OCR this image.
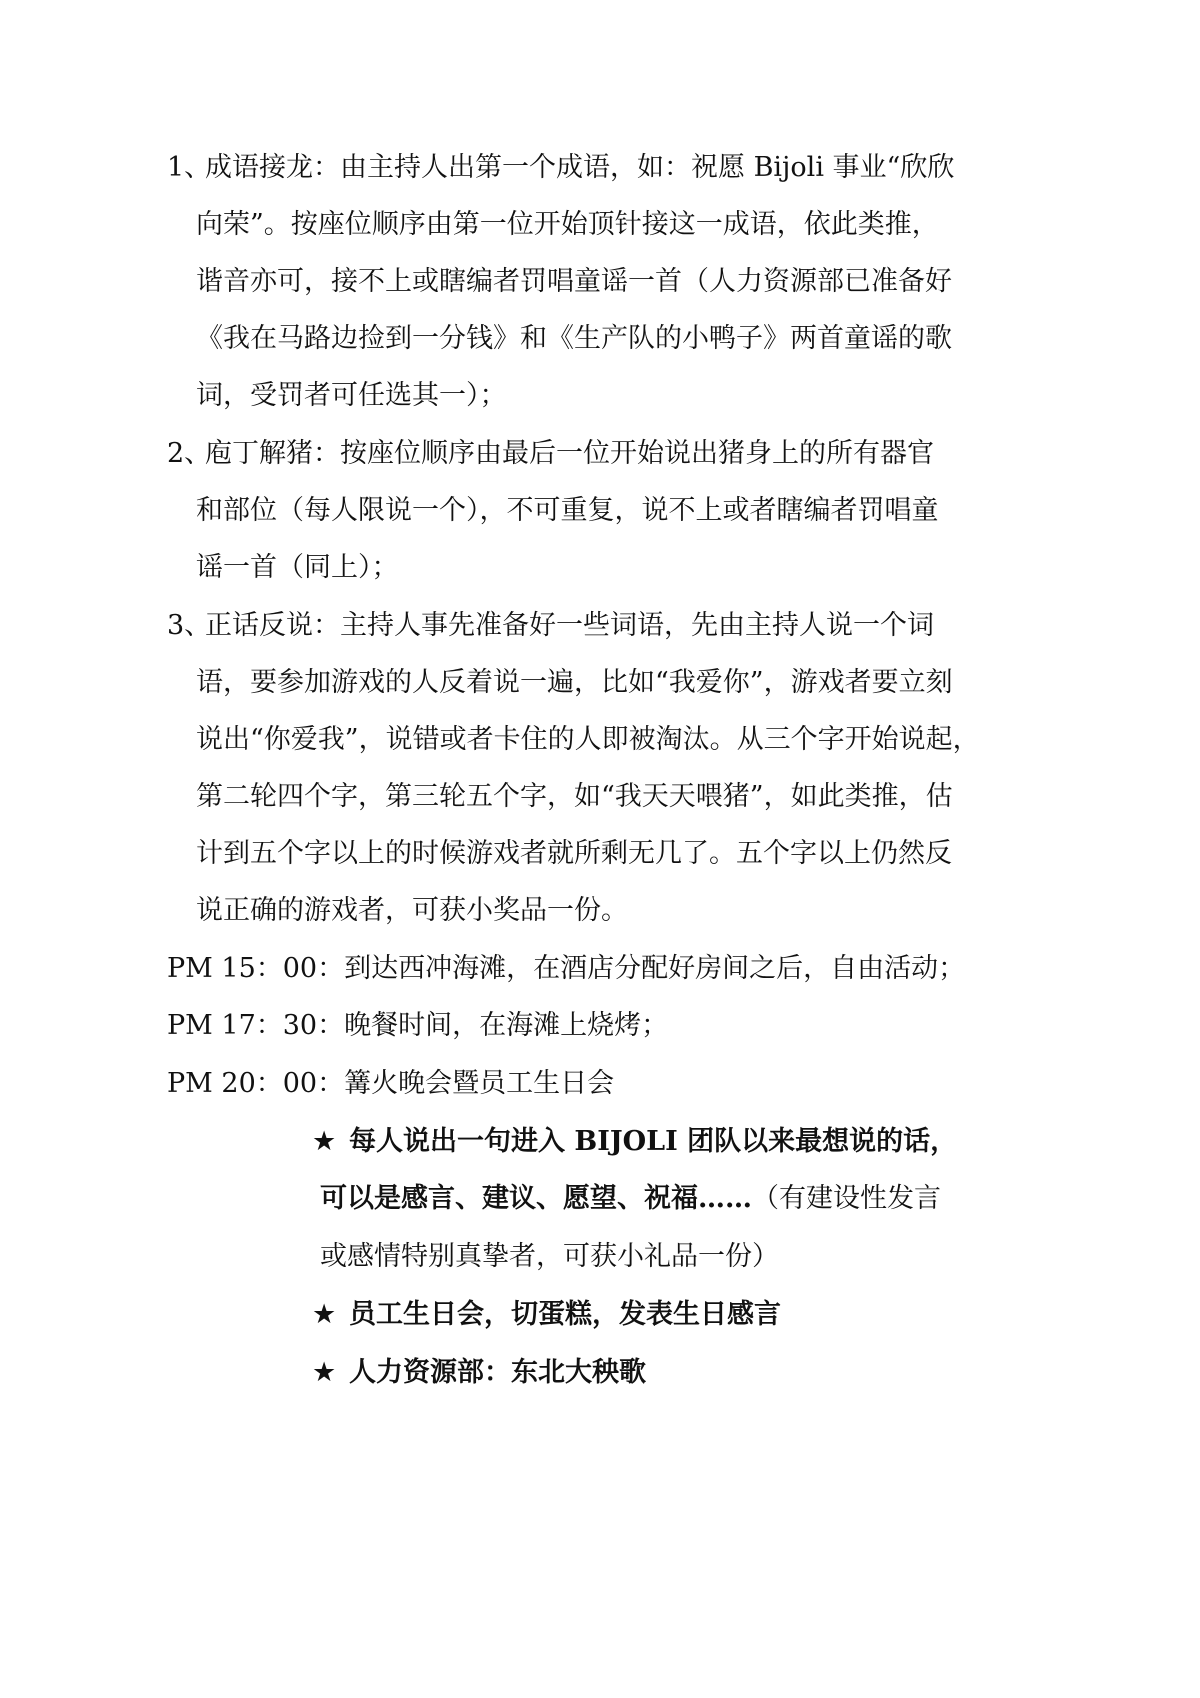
1、
成语接龙：由主持人出第一个成语，如：祝愿 Bijoli 事业“欣欣
向荣”。按座位顺序由第一位开始顶针接这一成语，依此类推，
谐音亦可，接不上或瞎编者罚唱童谣一首（人力资源部已准备好
《我在马路边捡到一分钱》和《生产队的小鸭子》两首童谣的歌
词，受罚者可任选其一）；
2、
庖丁解猪：按座位顺序由最后一位开始说出猪身上的所有器官
和部位（每人限说一个），不可重复，说不上或者瞎编者罚唱童
谣一首（同上）；
3、
正话反说：主持人事先准备好一些词语，先由主持人说一个词
语，要参加游戏的人反着说一遍，比如“我爱你”，游戏者要立刻
说出“你爱我”，说错或者卡住的人即被淘汰。从三个字开始说起，
第二轮四个字，第三轮五个字，如“我天天喂猪”，如此类推，估
计到五个字以上的时候游戏者就所剩无几了。五个字以上仍然反
说正确的游戏者，可获小奖品一份。
PM 15：00：到达西冲海滩，在酒店分配好房间之后，自由活动；
PM 17：30：晚餐时间，在海滩上烧烤；
PM 20：00：篝火晚会暨员工生日会
★ 每人说出一句进入 BIJOLI 团队以来最想说的话，
可以是感言、建议、愿望、祝福……（有建设性发言
或感情特别真挚者，可获小礼品一份）
★ 员工生日会，切蛋糕，发表生日感言
★ 人力资源部：东北大秧歌
